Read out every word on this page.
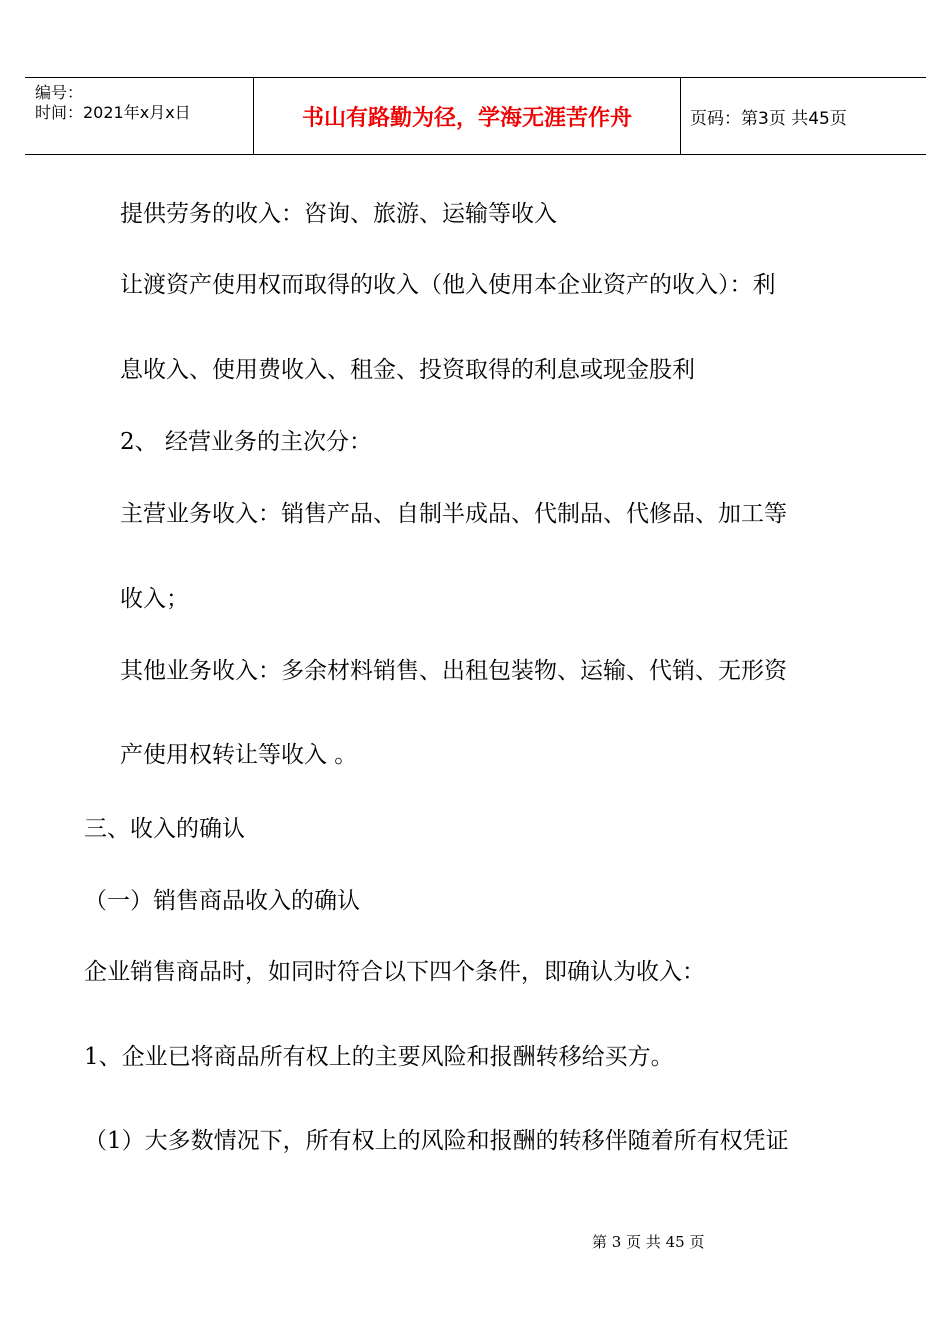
编号：
时间：2021年x月x日	书山有路勤为径，学海无涯苦作舟	页码：第3页 共45页
提供劳务的收入：咨询、旅游、运输等收入
让渡资产使用权而取得的收入（他入使用本企业资产的收入）：利
息收入、使用费收入、租金、投资取得的利息或现金股利
2、 经营业务的主次分：
主营业务收入：销售产品、自制半成品、代制品、代修品、加工等
收入；
其他业务收入：多余材料销售、出租包装物、运输、代销、无形资
产使用权转让等收入 。
三、收入的确认
（一）销售商品收入的确认
企业销售商品时，如同时符合以下四个条件，即确认为收入：
1、企业已将商品所有权上的主要风险和报酬转移给买方。
（1）大多数情况下，所有权上的风险和报酬的转移伴随着所有权凭证
第 3 页 共 45 页
